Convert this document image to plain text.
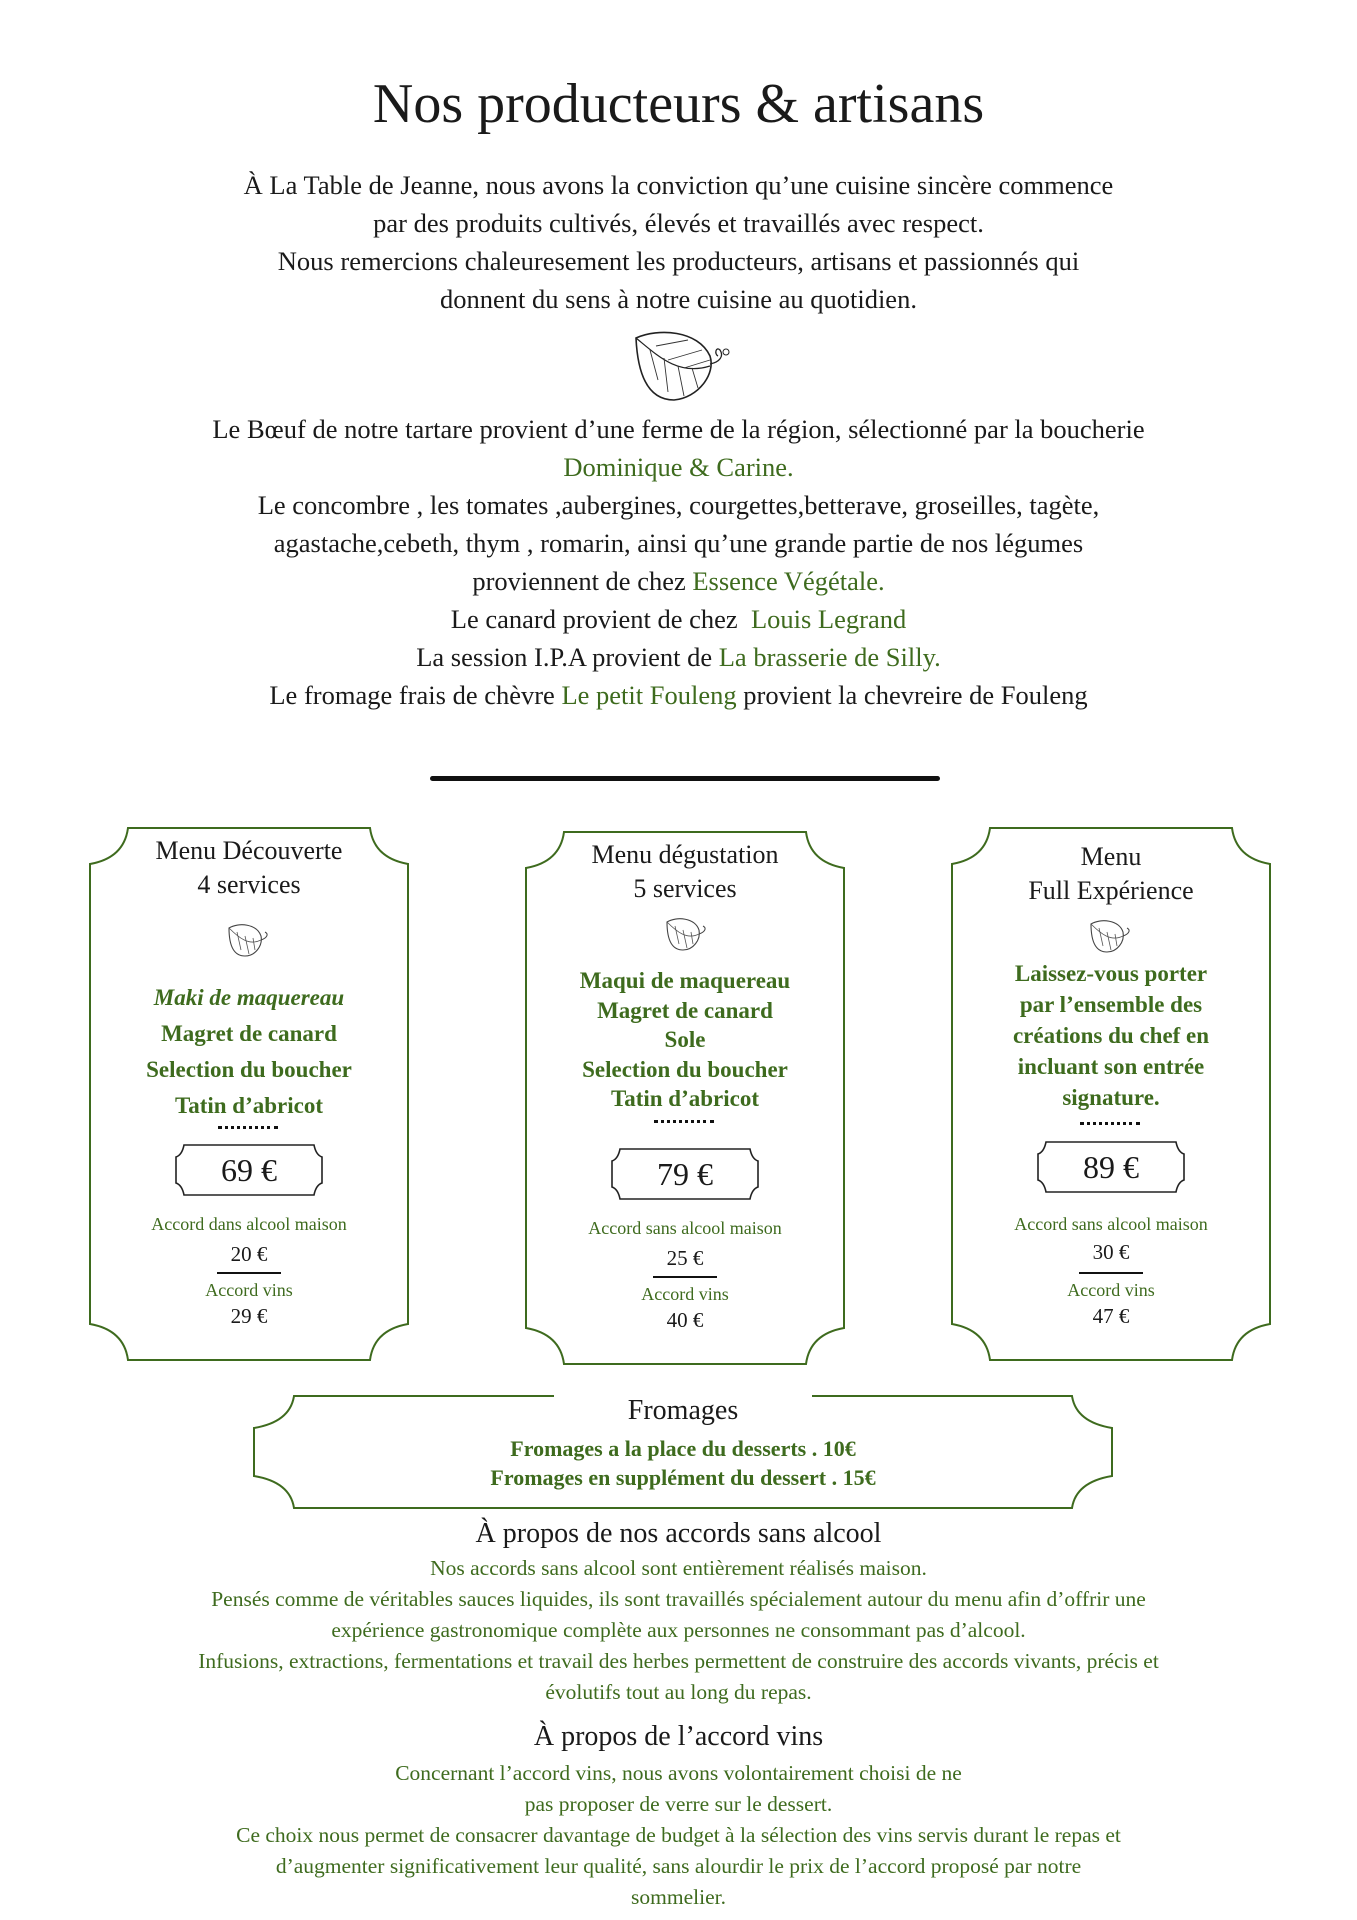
Nos producteurs & artisans
À La Table de Jeanne, nous avons la conviction qu’une cuisine sincère commence
par des produits cultivés, élevés et travaillés avec respect.
Nous remercions chaleuresement les producteurs, artisans et passionnés qui
donnent du sens à notre cuisine au quotidien.
Le Bœuf de notre tartare provient d’une ferme de la région, sélectionné par la boucherie
Dominique & Carine.
Le concombre , les tomates ,aubergines, courgettes,betterave, groseilles, tagète,
agastache,cebeth, thym , romarin, ainsi qu’une grande partie de nos légumes
proviennent de chez Essence Végétale.
Le canard provient de chez  Louis Legrand
La session I.P.A provient de La brasserie de Silly.
Le fromage frais de chèvre Le petit Fouleng provient la chevreire de Fouleng
Menu Découverte
4 services
Maki de maquereau
Magret de canard
Selection du boucher
Tatin d’abricot
69 €
Accord dans alcool maison
20 €
Accord vins
29 €
Menu dégustation
5 services
Maqui de maquereau
Magret de canard
Sole
Selection du boucher
Tatin d’abricot
79 €
Accord sans alcool maison
25 €
Accord vins
40 €
Menu
Full Expérience
Laissez-vous porter
par l’ensemble des
créations du chef en
incluant son entrée
signature.
89 €
Accord sans alcool maison
30 €
Accord vins
47 €
Fromages
Fromages a la place du desserts . 10€
Fromages en supplément du dessert . 15€
À propos de nos accords sans alcool
Nos accords sans alcool sont entièrement réalisés maison.
Pensés comme de véritables sauces liquides, ils sont travaillés spécialement autour du menu afin d’offrir une
expérience gastronomique complète aux personnes ne consommant pas d’alcool.
Infusions, extractions, fermentations et travail des herbes permettent de construire des accords vivants, précis et
évolutifs tout au long du repas.
À propos de l’accord vins
Concernant l’accord vins, nous avons volontairement choisi de ne
pas proposer de verre sur le dessert.
Ce choix nous permet de consacrer davantage de budget à la sélection des vins servis durant le repas et
d’augmenter significativement leur qualité, sans alourdir le prix de l’accord proposé par notre
sommelier.
